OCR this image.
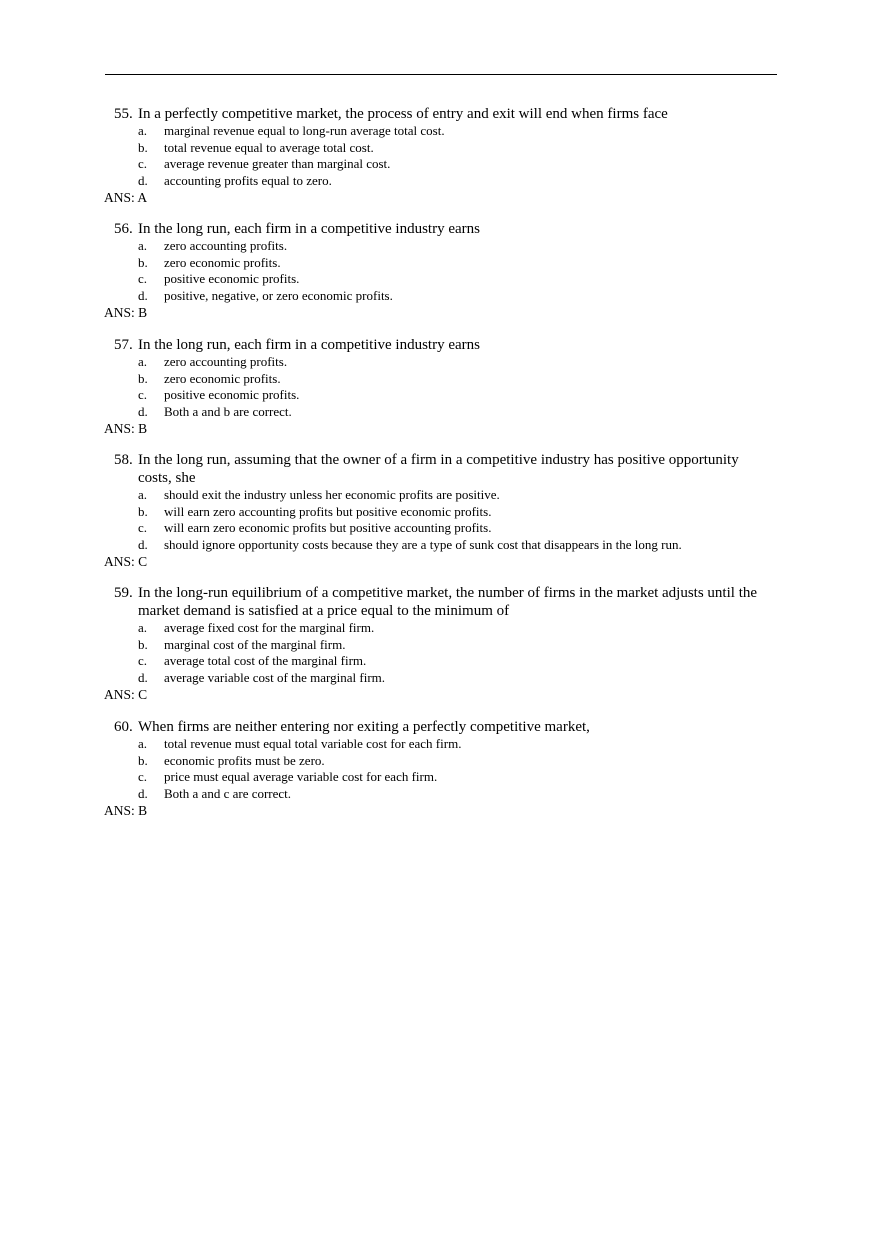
55. In a perfectly competitive market, the process of entry and exit will end when firms face
a. marginal revenue equal to long-run average total cost.
b. total revenue equal to average total cost.
c. average revenue greater than marginal cost.
d. accounting profits equal to zero.
ANS: A
56. In the long run, each firm in a competitive industry earns
a. zero accounting profits.
b. zero economic profits.
c. positive economic profits.
d. positive, negative, or zero economic profits.
ANS: B
57. In the long run, each firm in a competitive industry earns
a. zero accounting profits.
b. zero economic profits.
c. positive economic profits.
d. Both a and b are correct.
ANS: B
58. In the long run, assuming that the owner of a firm in a competitive industry has positive opportunity costs, she
a. should exit the industry unless her economic profits are positive.
b. will earn zero accounting profits but positive economic profits.
c. will earn zero economic profits but positive accounting profits.
d. should ignore opportunity costs because they are a type of sunk cost that disappears in the long run.
ANS: C
59. In the long-run equilibrium of a competitive market, the number of firms in the market adjusts until the market demand is satisfied at a price equal to the minimum of
a. average fixed cost for the marginal firm.
b. marginal cost of the marginal firm.
c. average total cost of the marginal firm.
d. average variable cost of the marginal firm.
ANS: C
60. When firms are neither entering nor exiting a perfectly competitive market,
a. total revenue must equal total variable cost for each firm.
b. economic profits must be zero.
c. price must equal average variable cost for each firm.
d. Both a and c are correct.
ANS: B
